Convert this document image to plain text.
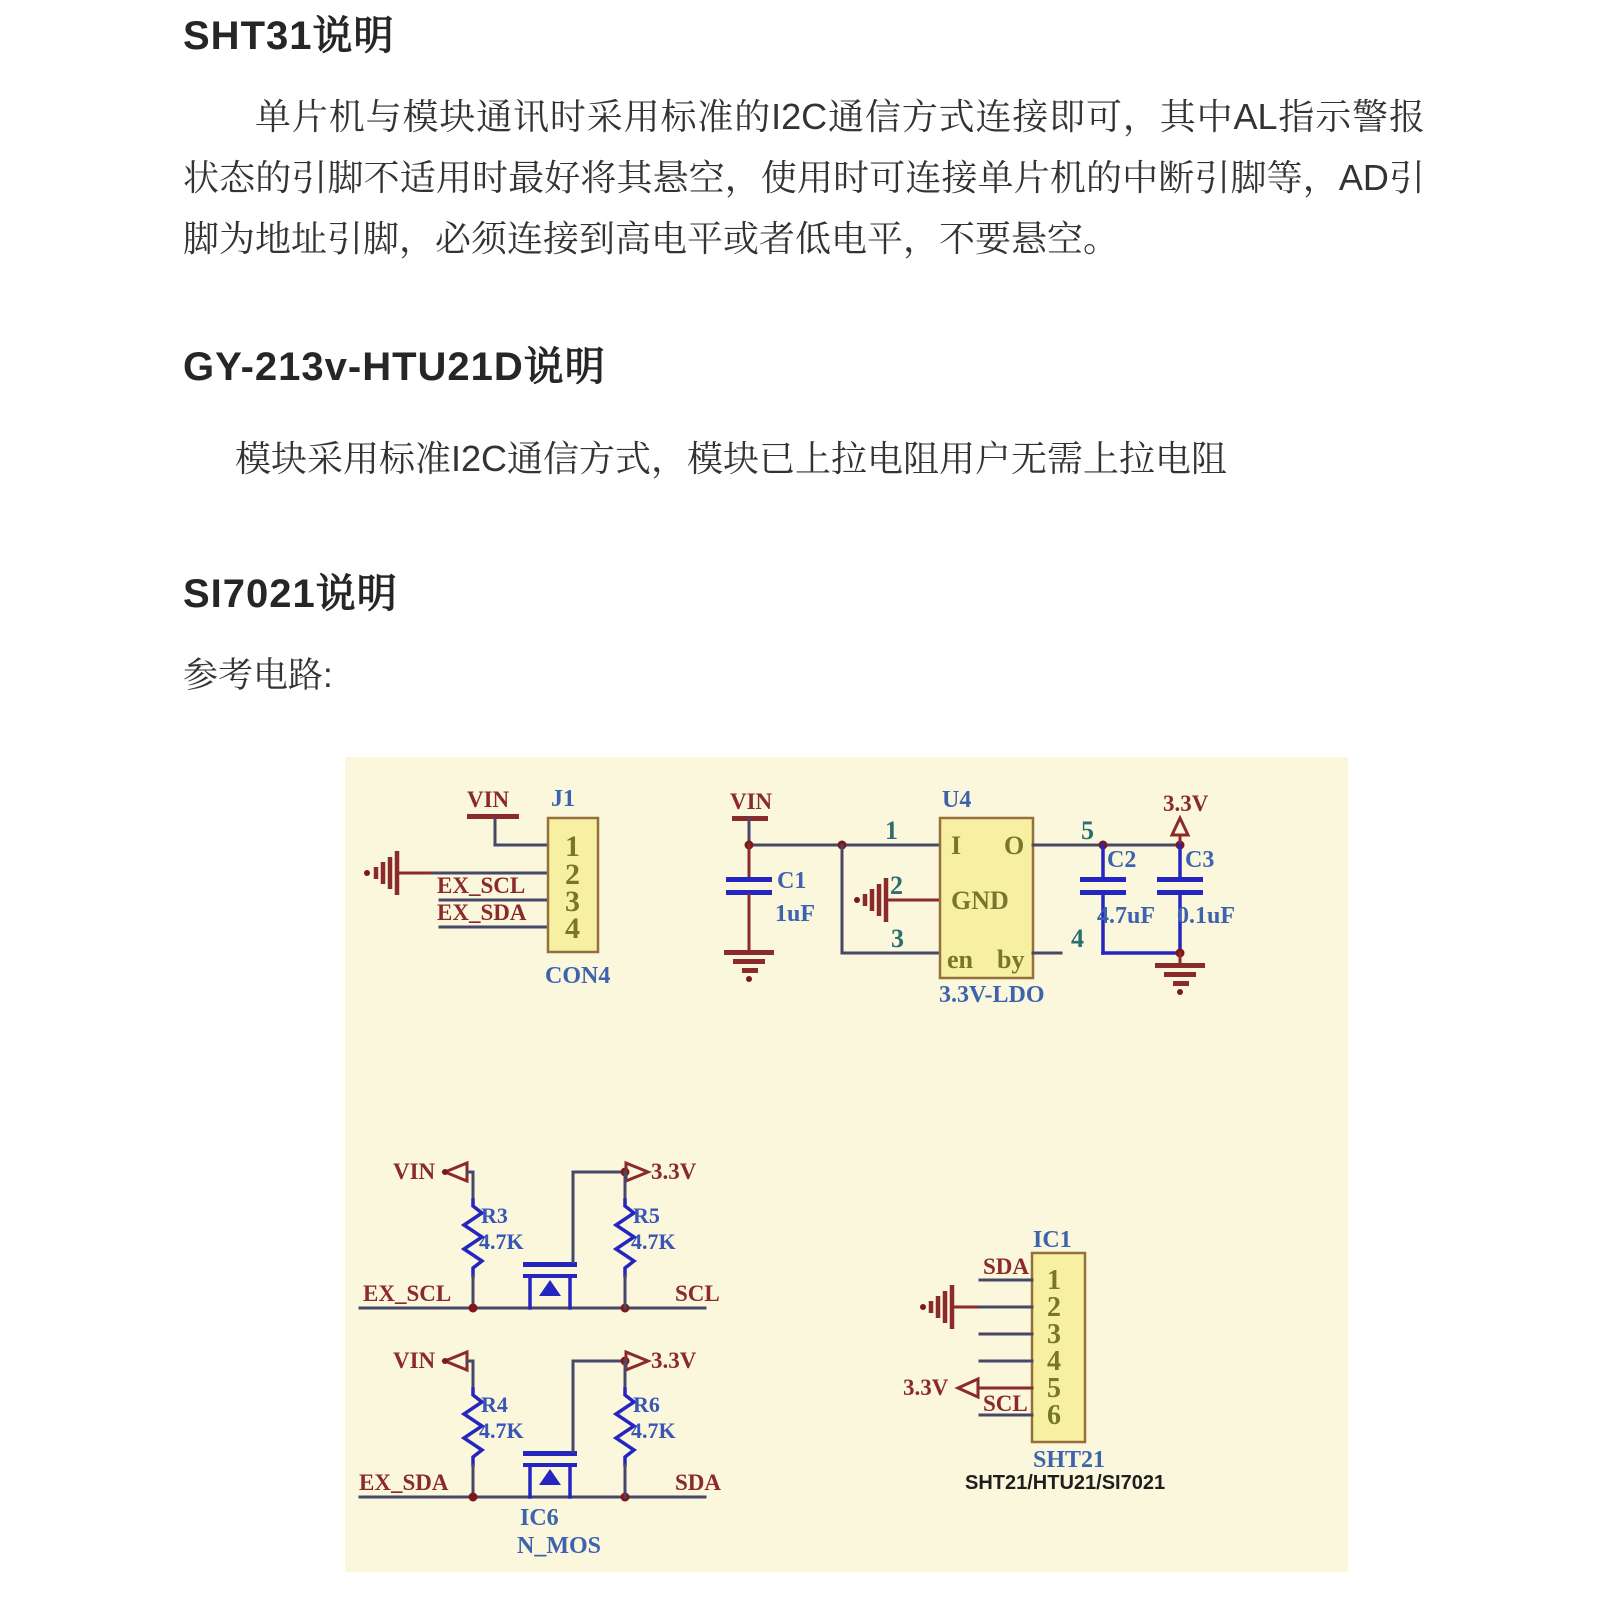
SHT31说明

单片机与模块通讯时采用标准的I2C通信方式连接即可，其中AL指示警报状态的引脚不适用时最好将其悬空，使用时可连接单片机的中断引脚等，AD引脚为地址引脚，必须连接到高电平或者低电平，不要悬空。

GY-213v-HTU21D说明

模块采用标准I2C通信方式，模块已上拉电阻用户无需上拉电阻

SI7021说明

参考电路:

VIN
EX_SCL
EX_SDA
1
2
3
4
J1
CON4
VIN
C1
1uF
1
2
3
5
4
I O
GND
en by
U4
3.3V-LDO
3.3V
C2
4.7uF
C3
0.1uF
VIN
R3
4.7K
EX_SCL
3.3V
R5
4.7K
SCL
VIN
R4
4.7K
EX_SDA
3.3V
R6
4.7K
SDA
IC6
N_MOS
IC1
1
2
3
4
5
6
SDA
3.3V
SCL
SHT21
SHT21/HTU21/SI7021
